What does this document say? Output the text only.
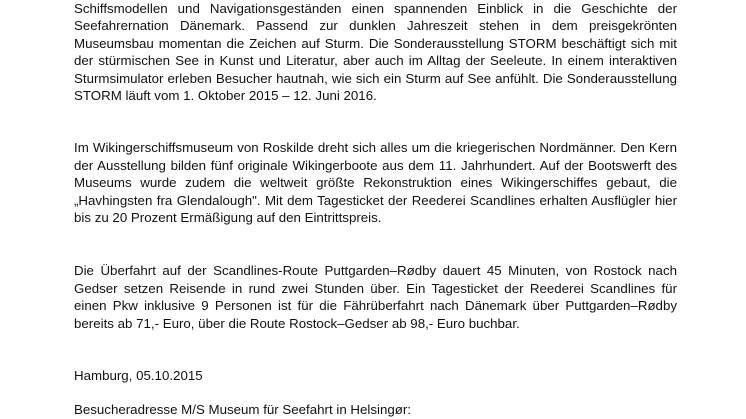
Schiffsmodellen und Navigationsgeständen einen spannenden Einblick in die Geschichte der Seefahrernation Dänemark. Passend zur dunklen Jahreszeit stehen in dem preisgekrönten Museumsbau momentan die Zeichen auf Sturm. Die Sonderausstellung STORM beschäftigt sich mit der stürmischen See in Kunst und Literatur, aber auch im Alltag der Seeleute. In einem interaktiven Sturmsimulator erleben Besucher hautnah, wie sich ein Sturm auf See anfühlt. Die Sonderausstellung STORM läuft vom 1. Oktober 2015 – 12. Juni 2016.

Im Wikingerschiffsmuseum von Roskilde dreht sich alles um die kriegerischen Nordmänner. Den Kern der Ausstellung bilden fünf originale Wikingerboote aus dem 11. Jahrhundert. Auf der Bootswerft des Museums wurde zudem die weltweit größte Rekonstruktion eines Wikingerschiffes gebaut, die „Havhingsten fra Glendalough". Mit dem Tagesticket der Reederei Scandlines erhalten Ausflügler hier bis zu 20 Prozent Ermäßigung auf den Eintrittspreis.

Die Überfahrt auf der Scandlines-Route Puttgarden–Rødby dauert 45 Minuten, von Rostock nach Gedser setzen Reisende in rund zwei Stunden über. Ein Tagesticket der Reederei Scandlines für einen Pkw inklusive 9 Personen ist für die Fährüberfahrt nach Dänemark über Puttgarden–Rødby bereits ab 71,- Euro, über die Route Rostock–Gedser ab 98,- Euro buchbar.

Hamburg, 05.10.2015

Besucheradresse M/S Museum für Seefahrt in Helsingør:
